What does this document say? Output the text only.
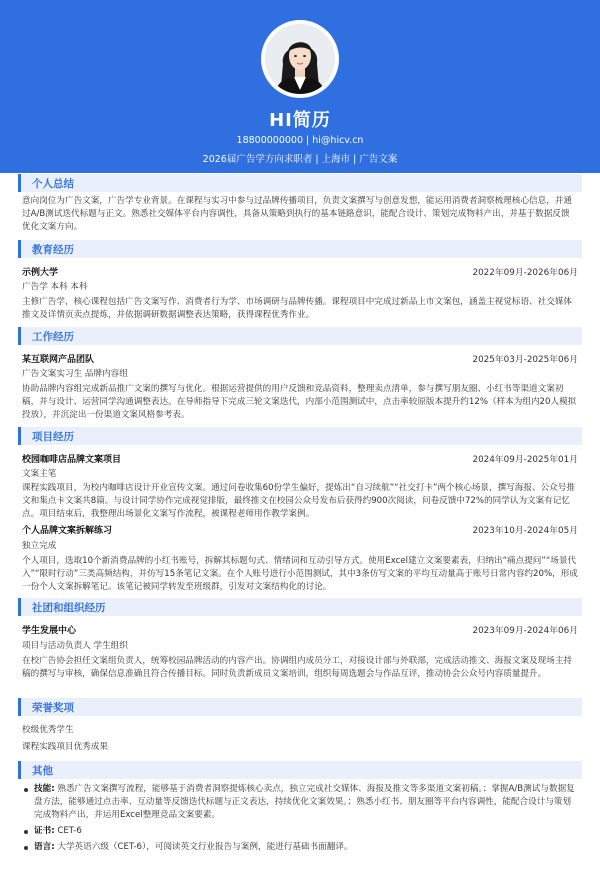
HI简历
18800000000 | hi@hicv.cn
2026届广告学方向求职者 | 上海市 | 广告文案
个人总结
意向岗位为广告文案，广告学专业背景。在课程与实习中参与过品牌传播项目，负责文案撰写与创意发想，能运用消费者洞察梳理核心信息，并通过A/B测试迭代标题与正文。熟悉社交媒体平台内容调性，具备从策略到执行的基本链路意识，能配合设计、策划完成物料产出，并基于数据反馈优化文案方向。
教育经历
示例大学	2022年09月-2026年06月
广告学 本科 本科
主修广告学，核心课程包括广告文案写作、消费者行为学、市场调研与品牌传播。课程项目中完成过新品上市文案包，涵盖主视觉标语、社交媒体推文及详情页卖点提炼，并依据调研数据调整表达策略，获得课程优秀作业。
工作经历
某互联网产品团队	2025年03月-2025年06月
广告文案实习生 品牌内容组
协助品牌内容组完成新品推广文案的撰写与优化。根据运营提供的用户反馈和竞品资料，整理卖点清单，参与撰写朋友圈、小红书等渠道文案初稿，并与设计、运营同学沟通调整表达。在导师指导下完成三轮文案迭代，内部小范围测试中，点击率较原版本提升约12%（样本为组内20人模拟投放），并沉淀出一份渠道文案风格参考表。
项目经历
校园咖啡店品牌文案项目	2024年09月-2025年01月
文案主笔
课程实践项目，为校内咖啡店设计开业宣传文案。通过问卷收集60份学生偏好，提炼出“自习续航”“社交打卡”两个核心场景，撰写海报、公众号推文和集点卡文案共8篇。与设计同学协作完成视觉排版，最终推文在校园公众号发布后获得约900次阅读，问卷反馈中72%的同学认为文案有记忆点。项目结束后，我整理出场景化文案写作流程，被课程老师用作教学案例。
个人品牌文案拆解练习	2023年10月-2024年05月
独立完成
个人项目，选取10个新消费品牌的小红书账号，拆解其标题句式、情绪词和互动引导方式。使用Excel建立文案要素表，归纳出“痛点提问”“场景代入”“限时行动”三类高频结构，并仿写15条笔记文案。在个人账号进行小范围测试，其中3条仿写文案的平均互动量高于账号日常内容约20%，形成一份个人文案拆解笔记。该笔记被同学转发至班级群，引发对文案结构化的讨论。
社团和组织经历
学生发展中心	2023年09月-2024年06月
项目与活动负责人 学生组织
在校广告协会担任文案组负责人，统筹校园品牌活动的内容产出。协调组内成员分工，对接设计部与外联部，完成活动推文、海报文案及现场主持稿的撰写与审核，确保信息准确且符合传播目标。同时负责新成员文案培训，组织每周选题会与作品互评，推动协会公众号内容质量提升。
荣誉奖项
校级优秀学生
课程实践项目优秀成果
其他
技能: 熟悉广告文案撰写流程，能够基于消费者洞察提炼核心卖点，独立完成社交媒体、海报及推文等多渠道文案初稿。；掌握A/B测试与数据复盘方法，能够通过点击率、互动量等反馈迭代标题与正文表达，持续优化文案效果。；熟悉小红书、朋友圈等平台内容调性，能配合设计与策划完成物料产出，并运用Excel整理竞品文案要素。
证书: CET-6
语言: 大学英语六级（CET-6），可阅读英文行业报告与案例，能进行基础书面翻译。
